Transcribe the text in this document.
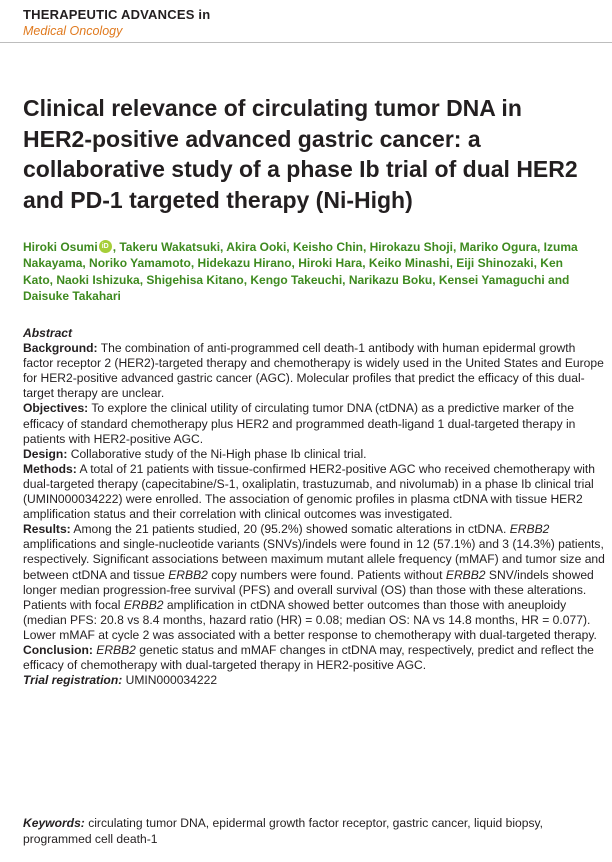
THERAPEUTIC ADVANCES in
Medical Oncology
Clinical relevance of circulating tumor DNA in HER2-positive advanced gastric cancer: a collaborative study of a phase Ib trial of dual HER2 and PD-1 targeted therapy (Ni-High)

Hiroki Osumi iD , Takeru Wakatsuki, Akira Ooki, Keisho Chin, Hirokazu Shoji, Mariko Ogura, Izuma Nakayama, Noriko Yamamoto, Hidekazu Hirano, Hiroki Hara, Keiko Minashi, Eiji Shinozaki, Ken Kato, Naoki Ishizuka, Shigehisa Kitano, Kengo Takeuchi, Narikazu Boku, Kensei Yamaguchi and Daisuke Takahari

Abstract

Background: The combination of anti-programmed cell death-1 antibody with human epidermal growth factor receptor 2 (HER2)-targeted therapy and chemotherapy is widely used in the United States and Europe for HER2-positive advanced gastric cancer (AGC). Molecular profiles that predict the efficacy of this dual-target therapy are unclear.

Objectives: To explore the clinical utility of circulating tumor DNA (ctDNA) as a predictive marker of the efficacy of standard chemotherapy plus HER2 and programmed death-ligand 1 dual-targeted therapy in patients with HER2-positive AGC.

Design: Collaborative study of the Ni-High phase Ib clinical trial.

Methods: A total of 21 patients with tissue-confirmed HER2-positive AGC who received chemotherapy with dual-targeted therapy (capecitabine/S-1, oxaliplatin, trastuzumab, and nivolumab) in a phase Ib clinical trial (UMIN000034222) were enrolled. The association of genomic profiles in plasma ctDNA with tissue HER2 amplification status and their correlation with clinical outcomes was investigated.

Results: Among the 21 patients studied, 20 (95.2%) showed somatic alterations in ctDNA. ERBB2 amplifications and single-nucleotide variants (SNVs)/indels were found in 12 (57.1%) and 3 (14.3%) patients, respectively. Significant associations between maximum mutant allele frequency (mMAF) and tumor size and between ctDNA and tissue ERBB2 copy numbers were found. Patients without ERBB2 SNV/indels showed longer median progression-free survival (PFS) and overall survival (OS) than those with these alterations. Patients with focal ERBB2 amplification in ctDNA showed better outcomes than those with aneuploidy (median PFS: 20.8 vs 8.4 months, hazard ratio (HR) = 0.08; median OS: NA vs 14.8 months, HR = 0.077). Lower mMAF at cycle 2 was associated with a better response to chemotherapy with dual-targeted therapy.

Conclusion: ERBB2 genetic status and mMAF changes in ctDNA may, respectively, predict and reflect the efficacy of chemotherapy with dual-targeted therapy in HER2-positive AGC.

Trial registration: UMIN000034222

Keywords: circulating tumor DNA, epidermal growth factor receptor, gastric cancer, liquid biopsy, programmed cell death-1
